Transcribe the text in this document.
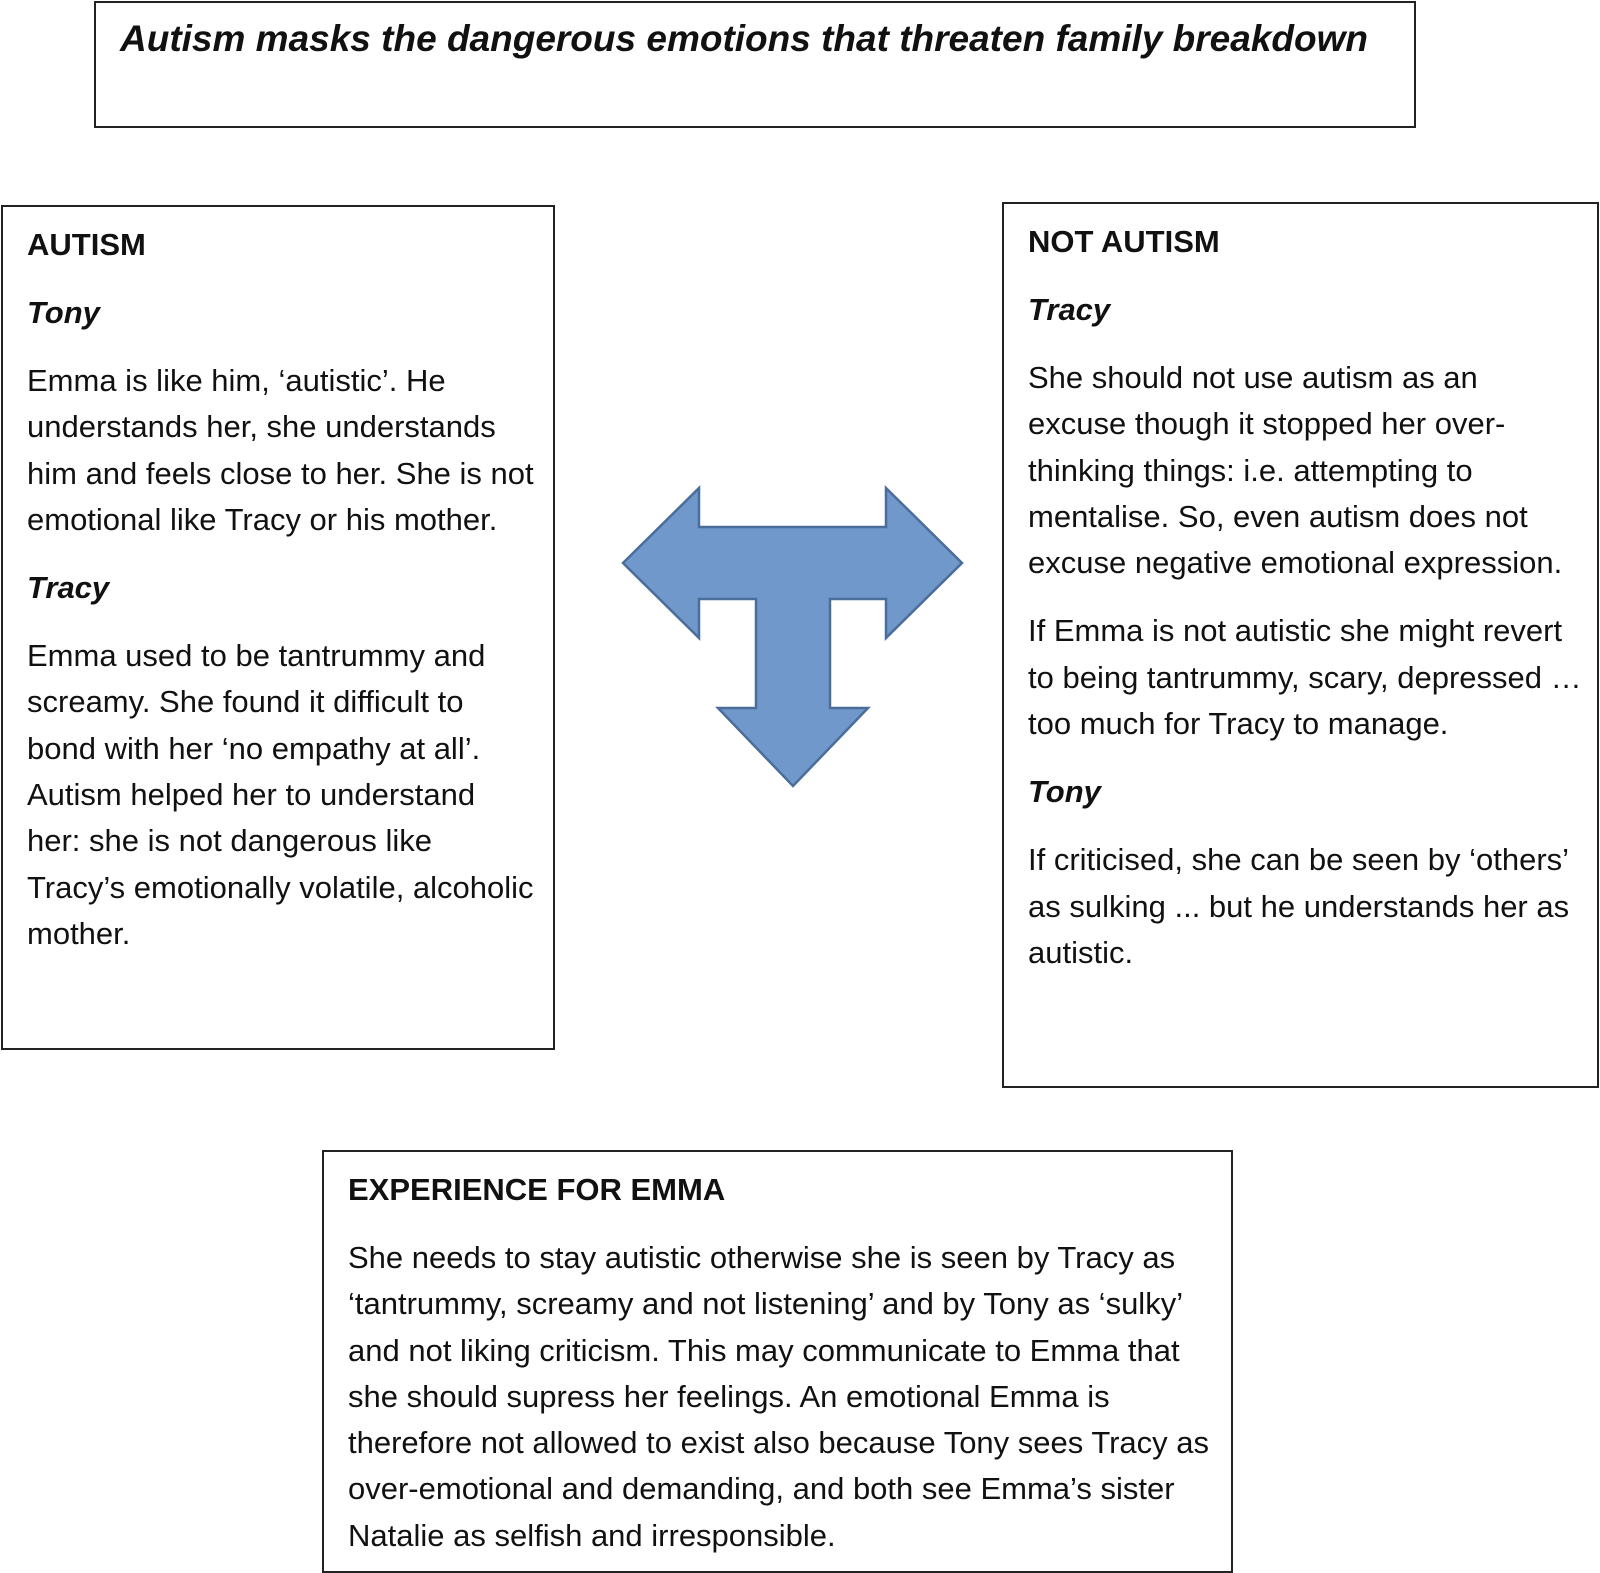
Autism masks the dangerous emotions that threaten family breakdown

AUTISM

Tony

Emma is like him, ‘autistic’. He understands her, she understands him and feels close to her. She is not emotional like Tracy or his mother.

Tracy

Emma used to be tantrummy and screamy. She found it difficult to bond with her ‘no empathy at all’. Autism helped her to understand her: she is not dangerous like Tracy’s emotionally volatile, alcoholic mother.

NOT AUTISM

Tracy

She should not use autism as an excuse though it stopped her over-thinking things: i.e. attempting to mentalise. So, even autism does not excuse negative emotional expression.

If Emma is not autistic she might revert to being tantrummy, scary, depressed … too much for Tracy to manage.

Tony

If criticised, she can be seen by ‘others’ as sulking ... but he understands her as autistic.

EXPERIENCE FOR EMMA

She needs to stay autistic otherwise she is seen by Tracy as ‘tantrummy, screamy and not listening’ and by Tony as ‘sulky’ and not liking criticism. This may communicate to Emma that she should supress her feelings. An emotional Emma is therefore not allowed to exist also because Tony sees Tracy as over-emotional and demanding, and both see Emma’s sister Natalie as selfish and irresponsible.
